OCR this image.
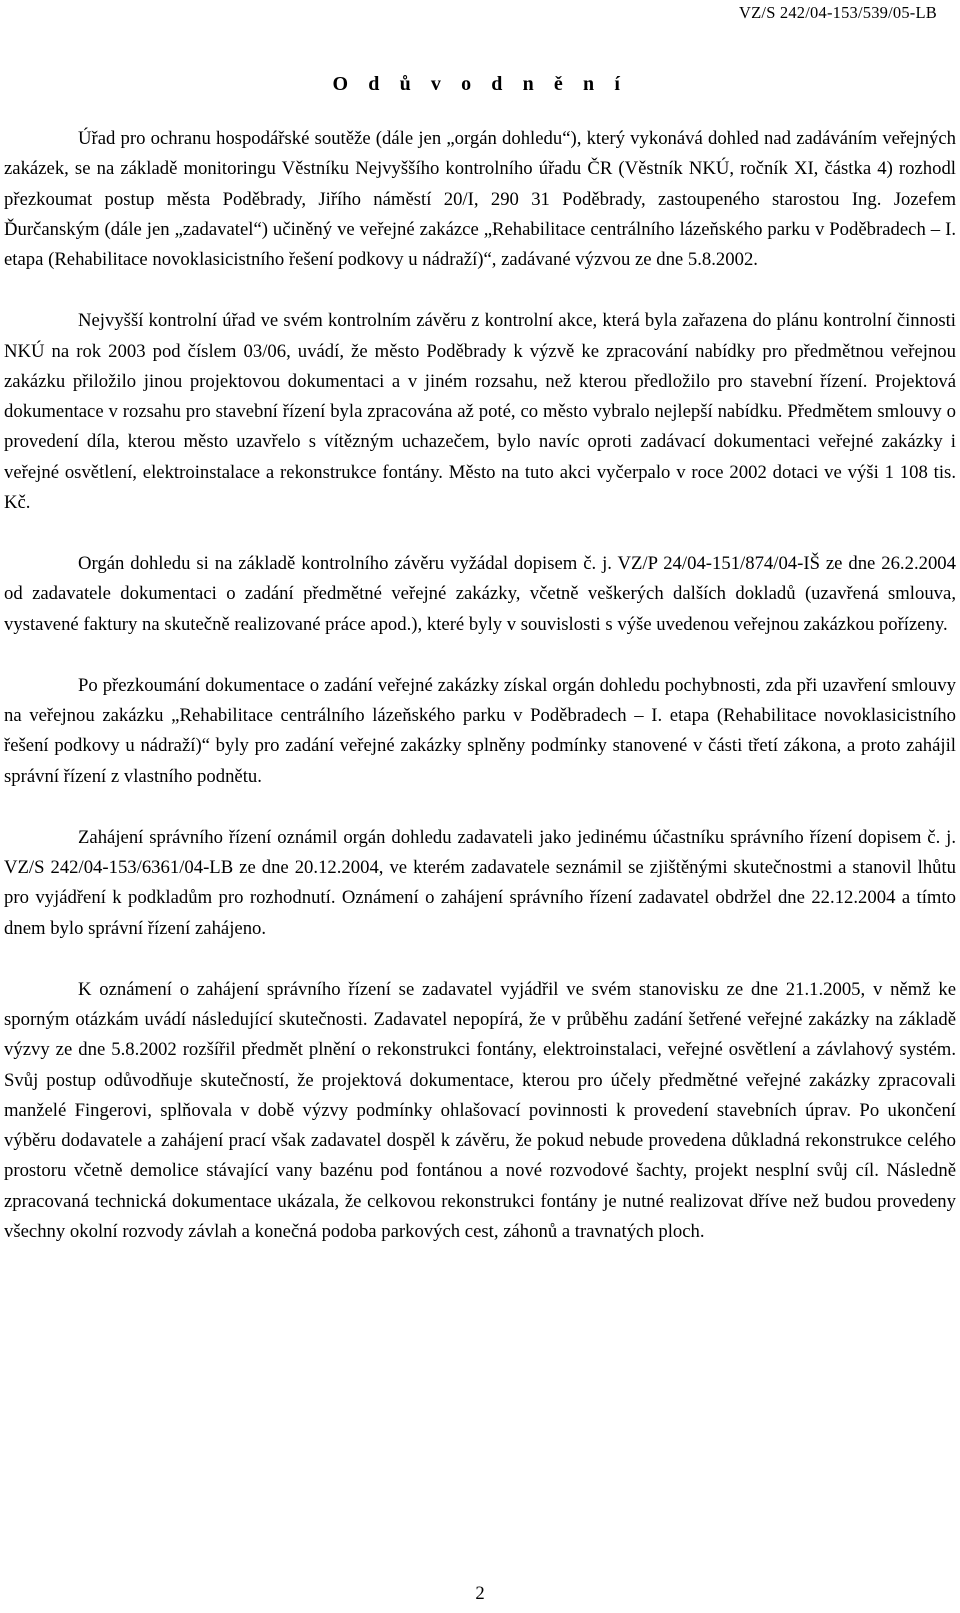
VZ/S 242/04-153/539/05-LB
O d ů v o d n ě n í

Úřad pro ochranu hospodářské soutěže (dále jen „orgán dohledu“), který vykonává dohled nad zadáváním veřejných zakázek, se na základě monitoringu Věstníku Nejvyššího kontrolního úřadu ČR (Věstník NKÚ, ročník XI, částka 4) rozhodl přezkoumat postup města Poděbrady, Jiřího náměstí 20/I, 290 31 Poděbrady, zastoupeného starostou Ing. Jozefem Ďurčanským (dále jen „zadavatel“) učiněný ve veřejné zakázce „Rehabilitace centrálního lázeňského parku v Poděbradech – I. etapa (Rehabilitace novoklasicistního řešení podkovy u nádraží)“, zadávané výzvou ze dne 5.8.2002.

Nejvyšší kontrolní úřad ve svém kontrolním závěru z kontrolní akce, která byla zařazena do plánu kontrolní činnosti NKÚ na rok 2003 pod číslem 03/06, uvádí, že město Poděbrady k výzvě ke zpracování nabídky pro předmětnou veřejnou zakázku přiložilo jinou projektovou dokumentaci a v jiném rozsahu, než kterou předložilo pro stavební řízení. Projektová dokumentace v rozsahu pro stavební řízení byla zpracována až poté, co město vybralo nejlepší nabídku. Předmětem smlouvy o provedení díla, kterou město uzavřelo s vítězným uchazečem, bylo navíc oproti zadávací dokumentaci veřejné zakázky i veřejné osvětlení, elektroinstalace a rekonstrukce fontány. Město na tuto akci vyčerpalo v roce 2002 dotaci ve výši 1 108 tis. Kč.

Orgán dohledu si na základě kontrolního závěru vyžádal dopisem č. j. VZ/P 24/04-151/874/04-IŠ ze dne 26.2.2004 od zadavatele dokumentaci o zadání předmětné veřejné zakázky, včetně veškerých dalších dokladů (uzavřená smlouva, vystavené faktury na skutečně realizované práce apod.), které byly v souvislosti s výše uvedenou veřejnou zakázkou pořízeny.

Po přezkoumání dokumentace o zadání veřejné zakázky získal orgán dohledu pochybnosti, zda při uzavření smlouvy na veřejnou zakázku „Rehabilitace centrálního lázeňského parku v Poděbradech – I. etapa (Rehabilitace novoklasicistního řešení podkovy u nádraží)“ byly pro zadání veřejné zakázky splněny podmínky stanovené v části třetí zákona, a proto zahájil správní řízení z vlastního podnětu.

Zahájení správního řízení oznámil orgán dohledu zadavateli jako jedinému účastníku správního řízení dopisem č. j. VZ/S 242/04-153/6361/04-LB ze dne 20.12.2004, ve kterém zadavatele seznámil se zjištěnými skutečnostmi a stanovil lhůtu pro vyjádření k podkladům pro rozhodnutí. Oznámení o zahájení správního řízení zadavatel obdržel dne 22.12.2004 a tímto dnem bylo správní řízení zahájeno.

K oznámení o zahájení správního řízení se zadavatel vyjádřil ve svém stanovisku ze dne 21.1.2005, v němž ke sporným otázkám uvádí následující skutečnosti. Zadavatel nepopírá, že v průběhu zadání šetřené veřejné zakázky na základě výzvy ze dne 5.8.2002 rozšířil předmět plnění o rekonstrukci fontány, elektroinstalaci, veřejné osvětlení a závlahový systém. Svůj postup odůvodňuje skutečností, že projektová dokumentace, kterou pro účely předmětné veřejné zakázky zpracovali manželé Fingerovi, splňovala v době výzvy podmínky ohlašovací povinnosti k provedení stavebních úprav. Po ukončení výběru dodavatele a zahájení prací však zadavatel dospěl k závěru, že pokud nebude provedena důkladná rekonstrukce celého prostoru včetně demolice stávající vany bazénu pod fontánou a nové rozvodové šachty, projekt nesplní svůj cíl. Následně zpracovaná technická dokumentace ukázala, že celkovou rekonstrukci fontány je nutné realizovat dříve než budou provedeny všechny okolní rozvody závlah a konečná podoba parkových cest, záhonů a travnatých ploch.

2
